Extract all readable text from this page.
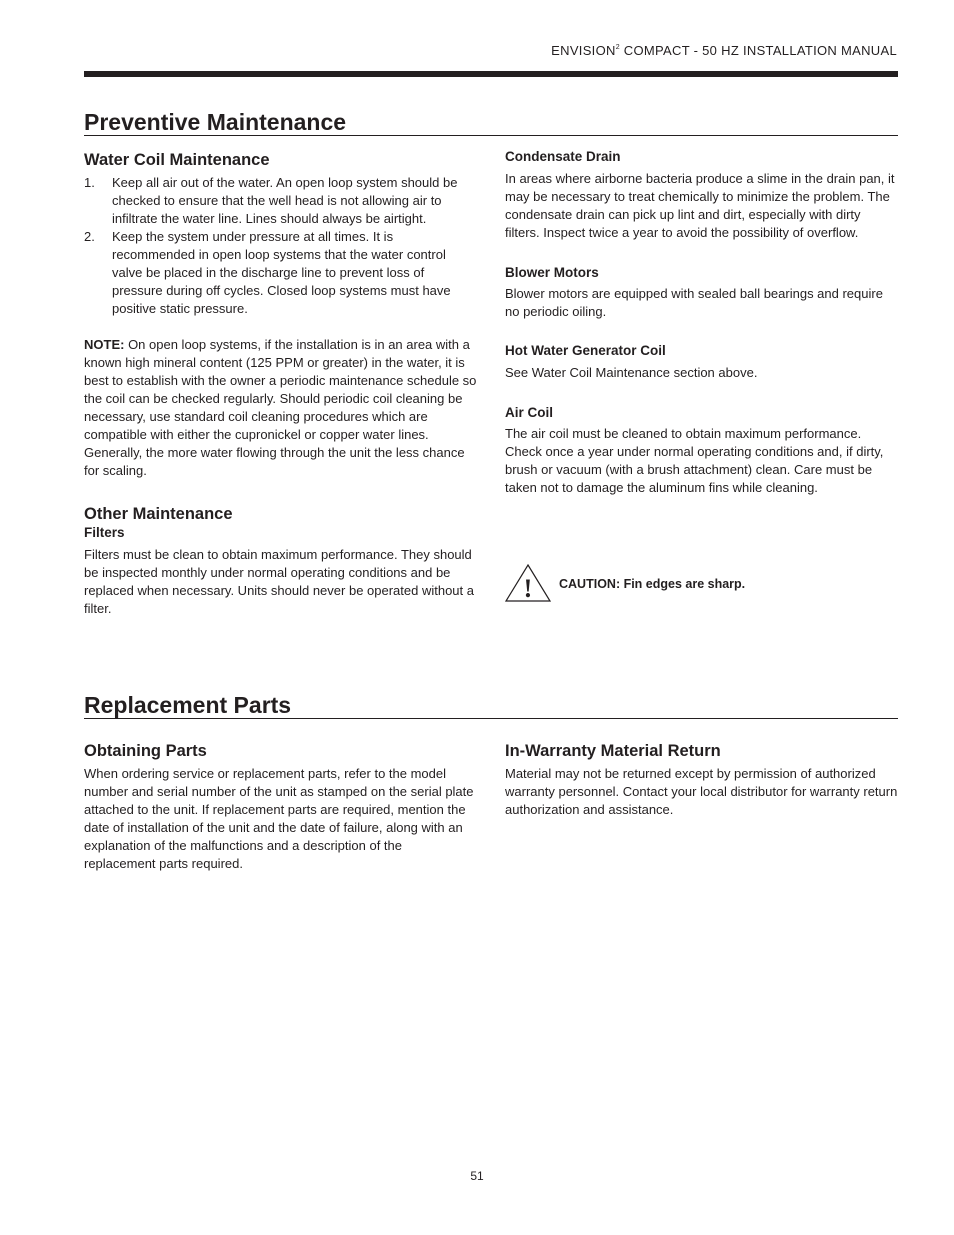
ENVISION$^2$ COMPACT - 50 HZ INSTALLATION MANUAL
Preventive Maintenance
Water Coil Maintenance
1. Keep all air out of the water. An open loop system should be checked to ensure that the well head is not allowing air to infiltrate the water line. Lines should always be airtight.
2. Keep the system under pressure at all times. It is recommended in open loop systems that the water control valve be placed in the discharge line to prevent loss of pressure during off cycles. Closed loop systems must have positive static pressure.

NOTE: On open loop systems, if the installation is in an area with a known high mineral content (125 PPM or greater) in the water, it is best to establish with the owner a periodic maintenance schedule so the coil can be checked regularly. Should periodic coil cleaning be necessary, use standard coil cleaning procedures which are compatible with either the cupronickel or copper water lines. Generally, the more water flowing through the unit the less chance for scaling.

Other Maintenance
Filters

Filters must be clean to obtain maximum performance. They should be inspected monthly under normal operating conditions and be replaced when necessary. Units should never be operated without a filter.

Condensate Drain

In areas where airborne bacteria produce a slime in the drain pan, it may be necessary to treat chemically to minimize the problem. The condensate drain can pick up lint and dirt, especially with dirty filters. Inspect twice a year to avoid the possibility of overflow.

Blower Motors

Blower motors are equipped with sealed ball bearings and require no periodic oiling.

Hot Water Generator Coil

See Water Coil Maintenance section above.

Air Coil

The air coil must be cleaned to obtain maximum performance. Check once a year under normal operating conditions and, if dirty, brush or vacuum (with a brush attachment) clean. Care must be taken not to damage the aluminum fins while cleaning.

! CAUTION: Fin edges are sharp.
Replacement Parts
Obtaining Parts

When ordering service or replacement parts, refer to the model number and serial number of the unit as stamped on the serial plate attached to the unit. If replacement parts are required, mention the date of installation of the unit and the date of failure, along with an explanation of the malfunctions and a description of the replacement parts required.

In-Warranty Material Return

Material may not be returned except by permission of authorized warranty personnel. Contact your local distributor for warranty return authorization and assistance.

51
